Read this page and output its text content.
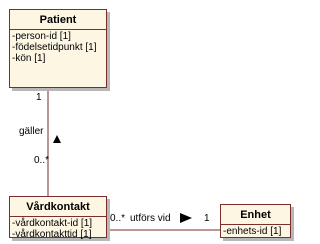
Patient
-person-id [1]
-födelsetidpunkt [1]
-kön [1]
Vårdkontakt
-vårdkontakt-id [1]
-vårdkontakttid [1]
Enhet
-enhets-id [1]
1
gäller
0..*
0..* utförs vid	1
